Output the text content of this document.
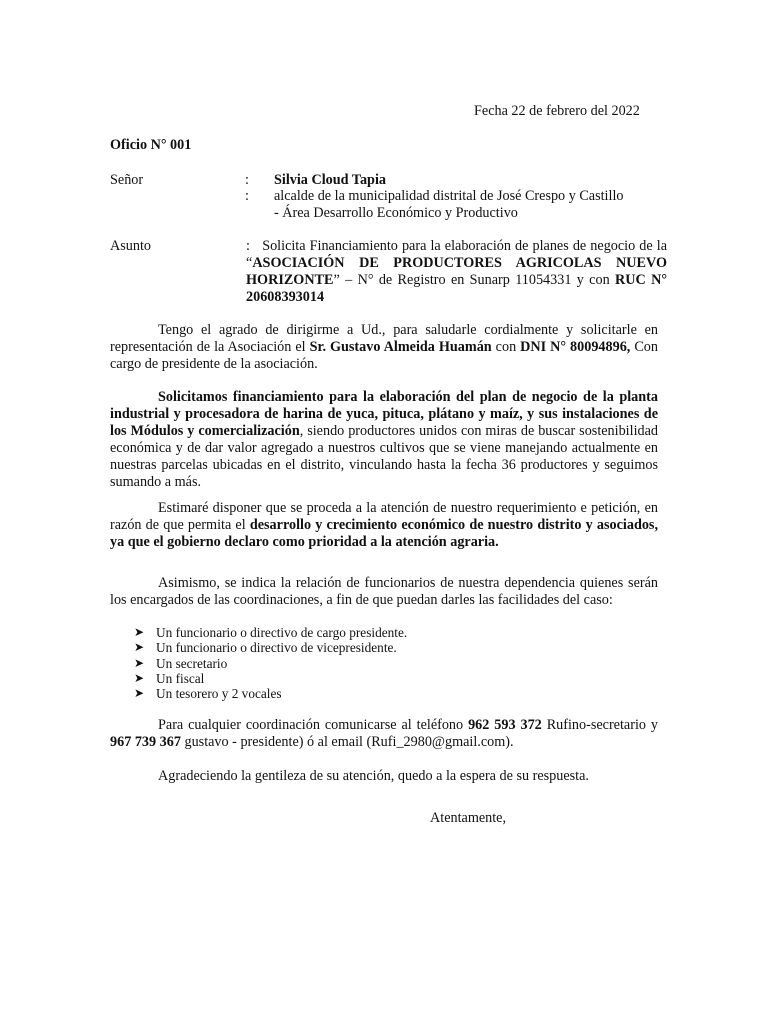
Fecha 22 de febrero del 2022
Oficio N° 001
Señor	: Silvia Cloud Tapia
: alcalde de la municipalidad distrital de José Crespo y Castillo
- Área Desarrollo Económico y Productivo
Asunto	: Solicita Financiamiento para la elaboración de planes de negocio de la “ASOCIACIÓN DE PRODUCTORES AGRICOLAS NUEVO HORIZONTE” – N° de Registro en Sunarp 11054331 y con RUC N° 20608393014
Tengo el agrado de dirigirme a Ud., para saludarle cordialmente y solicitarle en representación de la Asociación el Sr. Gustavo Almeida Huamán con DNI N° 80094896, Con cargo de presidente de la asociación.
Solicitamos financiamiento para la elaboración del plan de negocio de la planta industrial y procesadora de harina de yuca, pituca, plátano y maíz, y sus instalaciones de los Módulos y comercialización, siendo productores unidos con miras de buscar sostenibilidad económica y de dar valor agregado a nuestros cultivos que se viene manejando actualmente en nuestras parcelas ubicadas en el distrito, vinculando hasta la fecha 36 productores y seguimos sumando a más.
Estimaré disponer que se proceda a la atención de nuestro requerimiento e petición, en razón de que permita el desarrollo y crecimiento económico de nuestro distrito y asociados, ya que el gobierno declaro como prioridad a la atención agraria.
Asimismo, se indica la relación de funcionarios de nuestra dependencia quienes serán los encargados de las coordinaciones, a fin de que puedan darles las facilidades del caso:
➤ Un funcionario o directivo de cargo presidente.
➤ Un funcionario o directivo de vicepresidente.
➤ Un secretario
➤ Un fiscal
➤ Un tesorero y 2 vocales
Para cualquier coordinación comunicarse al teléfono 962 593 372 Rufino-secretario y 967 739 367 gustavo - presidente) ó al email (Rufi_2980@gmail.com).
Agradeciendo la gentileza de su atención, quedo a la espera de su respuesta.
Atentamente,
